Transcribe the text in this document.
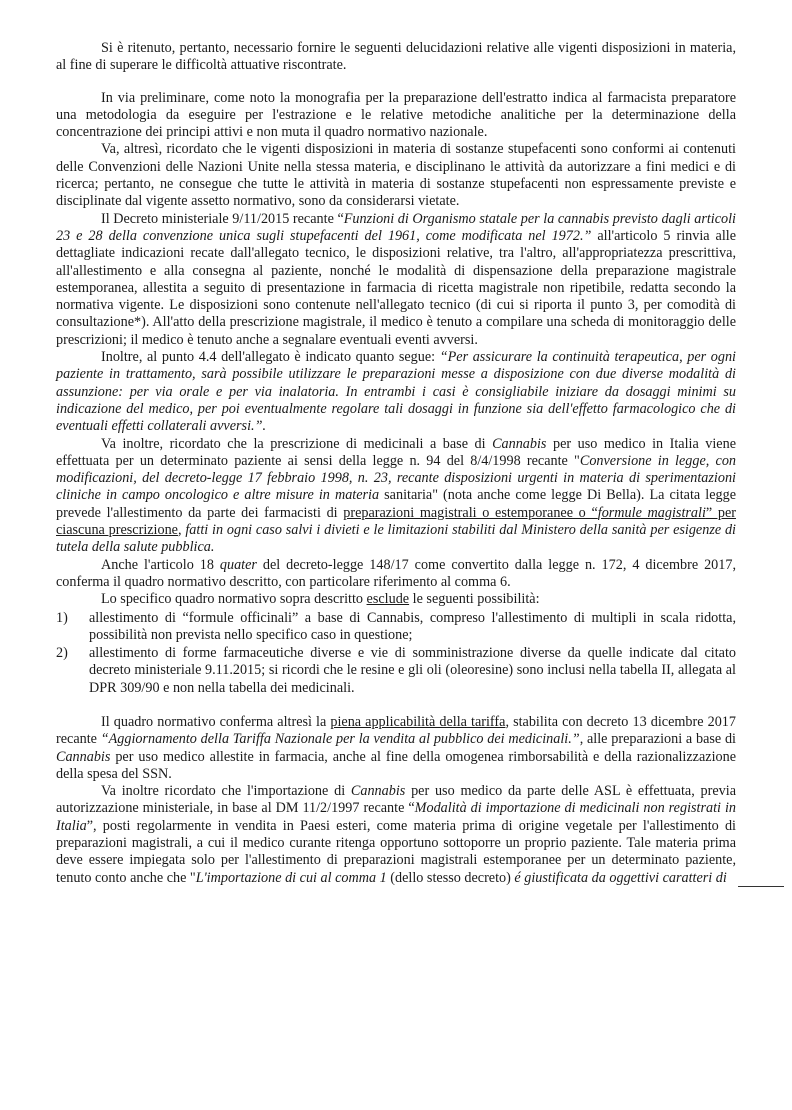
Si è ritenuto, pertanto, necessario fornire le seguenti delucidazioni relative alle vigenti disposizioni in materia, al fine di superare le difficoltà attuative riscontrate.

In via preliminare, come noto la monografia per la preparazione dell'estratto indica al farmacista preparatore una metodologia da eseguire per l'estrazione e le relative metodiche analitiche per la determinazione della concentrazione dei principi attivi e non muta il quadro normativo nazionale.

Va, altresì, ricordato che le vigenti disposizioni in materia di sostanze stupefacenti sono conformi ai contenuti delle Convenzioni delle Nazioni Unite nella stessa materia, e disciplinano le attività da autorizzare a fini medici e di ricerca; pertanto, ne consegue che tutte le attività in materia di sostanze stupefacenti non espressamente previste e disciplinate dal vigente assetto normativo, sono da considerarsi vietate.

Il Decreto ministeriale 9/11/2015 recante “Funzioni di Organismo statale per la cannabis previsto dagli articoli 23 e 28 della convenzione unica sugli stupefacenti del 1961, come modificata nel 1972.” all'articolo 5 rinvia alle dettagliate indicazioni recate dall'allegato tecnico, le disposizioni relative, tra l'altro, all'appropriatezza prescrittiva, all'allestimento e alla consegna al paziente, nonché le modalità di dispensazione della preparazione magistrale estemporanea, allestita a seguito di presentazione in farmacia di ricetta magistrale non ripetibile, redatta secondo la normativa vigente. Le disposizioni sono contenute nell'allegato tecnico (di cui si riporta il punto 3, per comodità di consultazione*). All'atto della prescrizione magistrale, il medico è tenuto a compilare una scheda di monitoraggio delle prescrizioni; il medico è tenuto anche a segnalare eventuali eventi avversi.

Inoltre, al punto 4.4 dell'allegato è indicato quanto segue: “Per assicurare la continuità terapeutica, per ogni paziente in trattamento, sarà possibile utilizzare le preparazioni messe a disposizione con due diverse modalità di assunzione: per via orale e per via inalatoria. In entrambi i casi è consigliabile iniziare da dosaggi minimi su indicazione del medico, per poi eventualmente regolare tali dosaggi in funzione sia dell'effetto farmacologico che di eventuali effetti collaterali avversi.”.

Va inoltre, ricordato che la prescrizione di medicinali a base di Cannabis per uso medico in Italia viene effettuata per un determinato paziente ai sensi della legge n. 94 del 8/4/1998 recante "Conversione in legge, con modificazioni, del decreto-legge 17 febbraio 1998, n. 23, recante disposizioni urgenti in materia di sperimentazioni cliniche in campo oncologico e altre misure in materia sanitaria" (nota anche come legge Di Bella). La citata legge prevede l'allestimento da parte dei farmacisti di preparazioni magistrali o estemporanee o “formule magistrali” per ciascuna prescrizione, fatti in ogni caso salvi i divieti e le limitazioni stabiliti dal Ministero della sanità per esigenze di tutela della salute pubblica.

Anche l'articolo 18 quater del decreto-legge 148/17 come convertito dalla legge n. 172, 4 dicembre 2017, conferma il quadro normativo descritto, con particolare riferimento al comma 6.

Lo specifico quadro normativo sopra descritto esclude le seguenti possibilità:

1)	allestimento di “formule officinali” a base di Cannabis, compreso l'allestimento di multipli in scala ridotta, possibilità non prevista nello specifico caso in questione;
2)	allestimento di forme farmaceutiche diverse e vie di somministrazione diverse da quelle indicate dal citato decreto ministeriale 9.11.2015; si ricordi che le resine e gli oli (oleoresine) sono inclusi nella tabella II, allegata al DPR 309/90 e non nella tabella dei medicinali.

Il quadro normativo conferma altresì la piena applicabilità della tariffa, stabilita con decreto 13 dicembre 2017 recante “Aggiornamento della Tariffa Nazionale per la vendita al pubblico dei medicinali.”, alle preparazioni a base di Cannabis per uso medico allestite in farmacia, anche al fine della omogenea rimborsabilità e della razionalizzazione della spesa del SSN.

Va inoltre ricordato che l'importazione di Cannabis per uso medico da parte delle ASL è effettuata, previa autorizzazione ministeriale, in base al DM 11/2/1997 recante “Modalità di importazione di medicinali non registrati in Italia”, posti regolarmente in vendita in Paesi esteri, come materia prima di origine vegetale per l'allestimento di preparazioni magistrali, a cui il medico curante ritenga opportuno sottoporre un proprio paziente. Tale materia prima deve essere impiegata solo per l'allestimento di preparazioni magistrali estemporanee per un determinato paziente, tenuto conto anche che "L'importazione di cui al comma 1 (dello stesso decreto) é giustificata da oggettivi caratteri di
